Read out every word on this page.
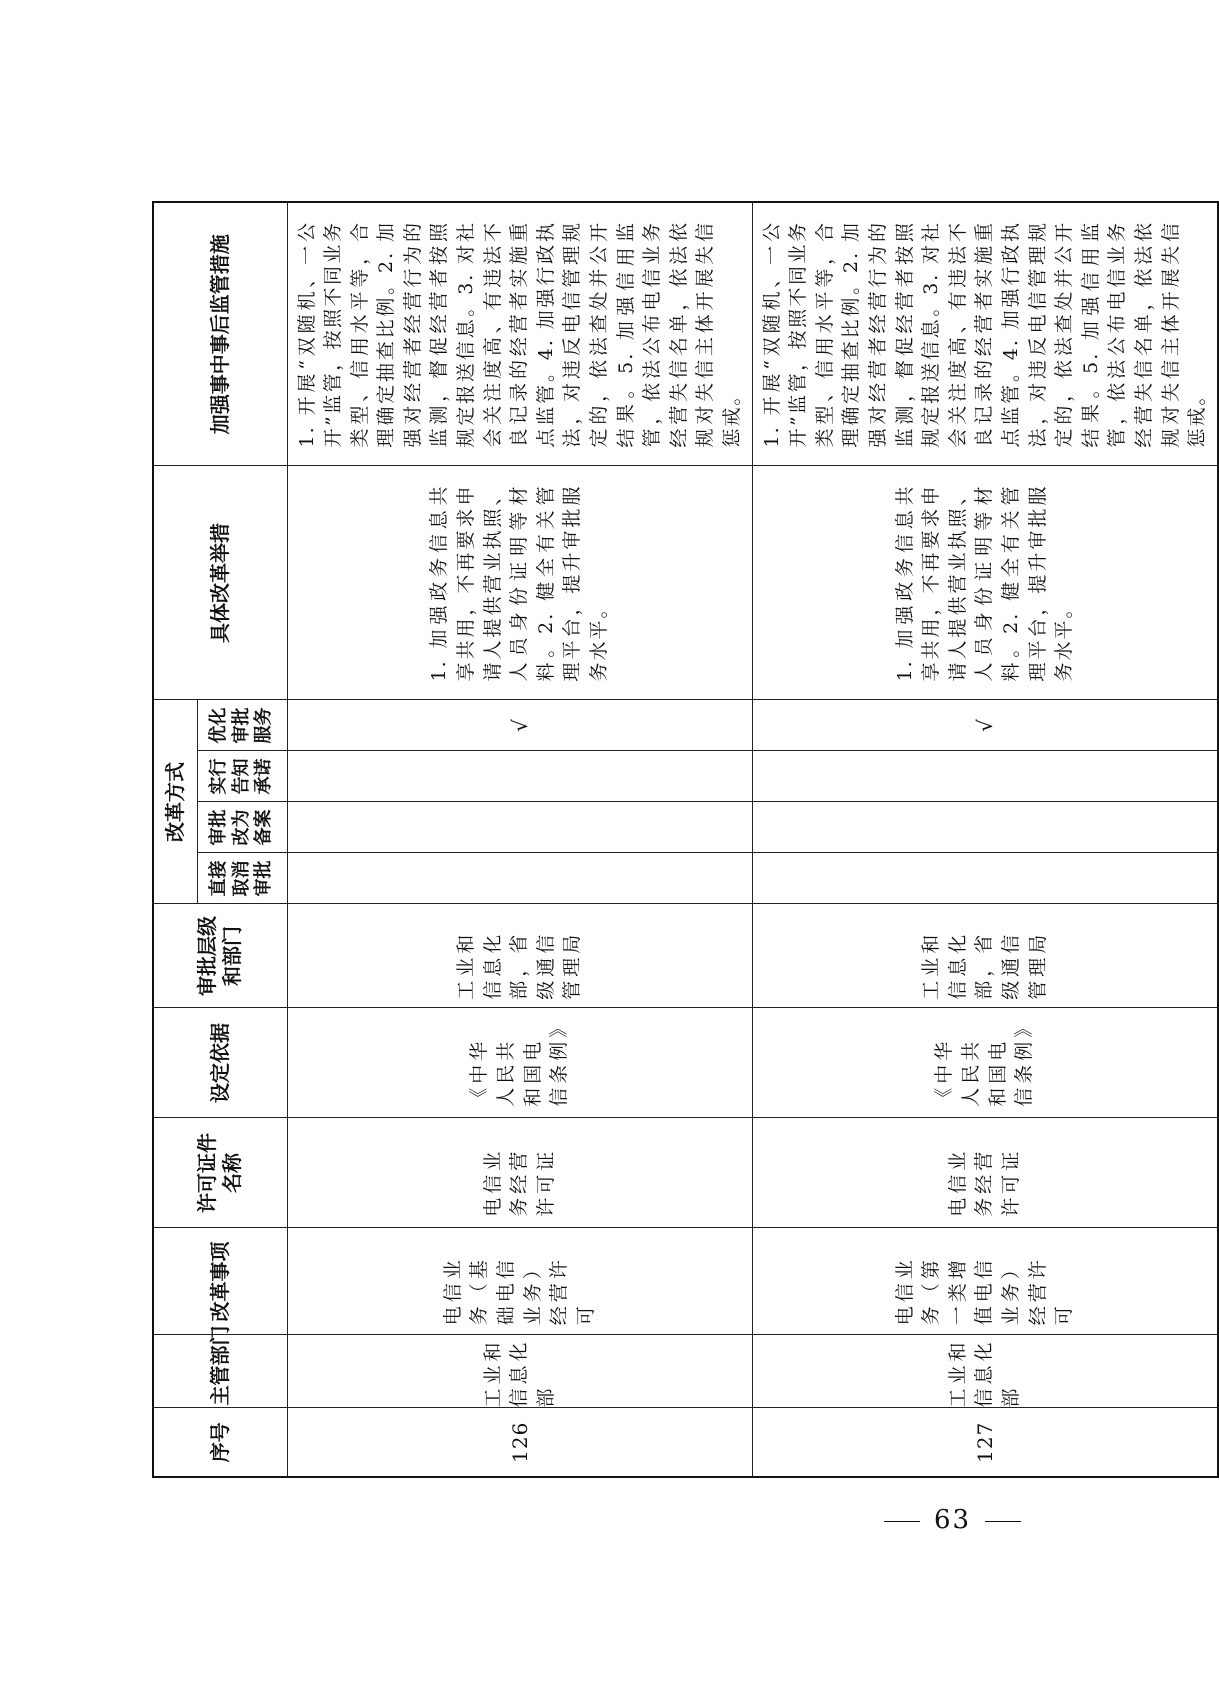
序号	主管部门	改革事项	许可证件名称	设定依据	审批层级和部门	改革方式				具体改革举措	加强事中事后监管措施
						直接取消审批	审批改为备案	实行告知承诺	优化审批服务		
126	工业和信息化部	电信业务（基础电信业务）经营许可	电信业务经营许可证	《中华人民共和国电信条例》	工业和信息化部，省级通信管理局				√	1. 加强政务信息共享共用，不再要求申请人提供营业执照、人员身份证明等材料。2. 健全有关管理平台，提升审批服务水平。	1. 开展“双随机、一公开”监管，按照不同业务类型、信用水平等，合理确定抽查比例。2. 加强对经营者经营行为的监测，督促经营者按照规定报送信息。3. 对社会关注度高、有违法不良记录的经营者实施重点监管。4. 加强行政执法，对违反电信管理规定的，依法查处并公开结果。5. 加强信用监管，依法公布电信业务经营失信名单，依法依规对失信主体开展失信惩戒。
127	工业和信息化部	电信业务（第一类增值电信业务）经营许可	电信业务经营许可证	《中华人民共和国电信条例》	工业和信息化部，省级通信管理局				√	1. 加强政务信息共享共用，不再要求申请人提供营业执照、人员身份证明等材料。2. 健全有关管理平台，提升审批服务水平。	1. 开展“双随机、一公开”监管，按照不同业务类型、信用水平等，合理确定抽查比例。2. 加强对经营者经营行为的监测，督促经营者按照规定报送信息。3. 对社会关注度高、有违法不良记录的经营者实施重点监管。4. 加强行政执法，对违反电信管理规定的，依法查处并公开结果。5. 加强信用监管，依法公布电信业务经营失信名单，依法依规对失信主体开展失信惩戒。
63
